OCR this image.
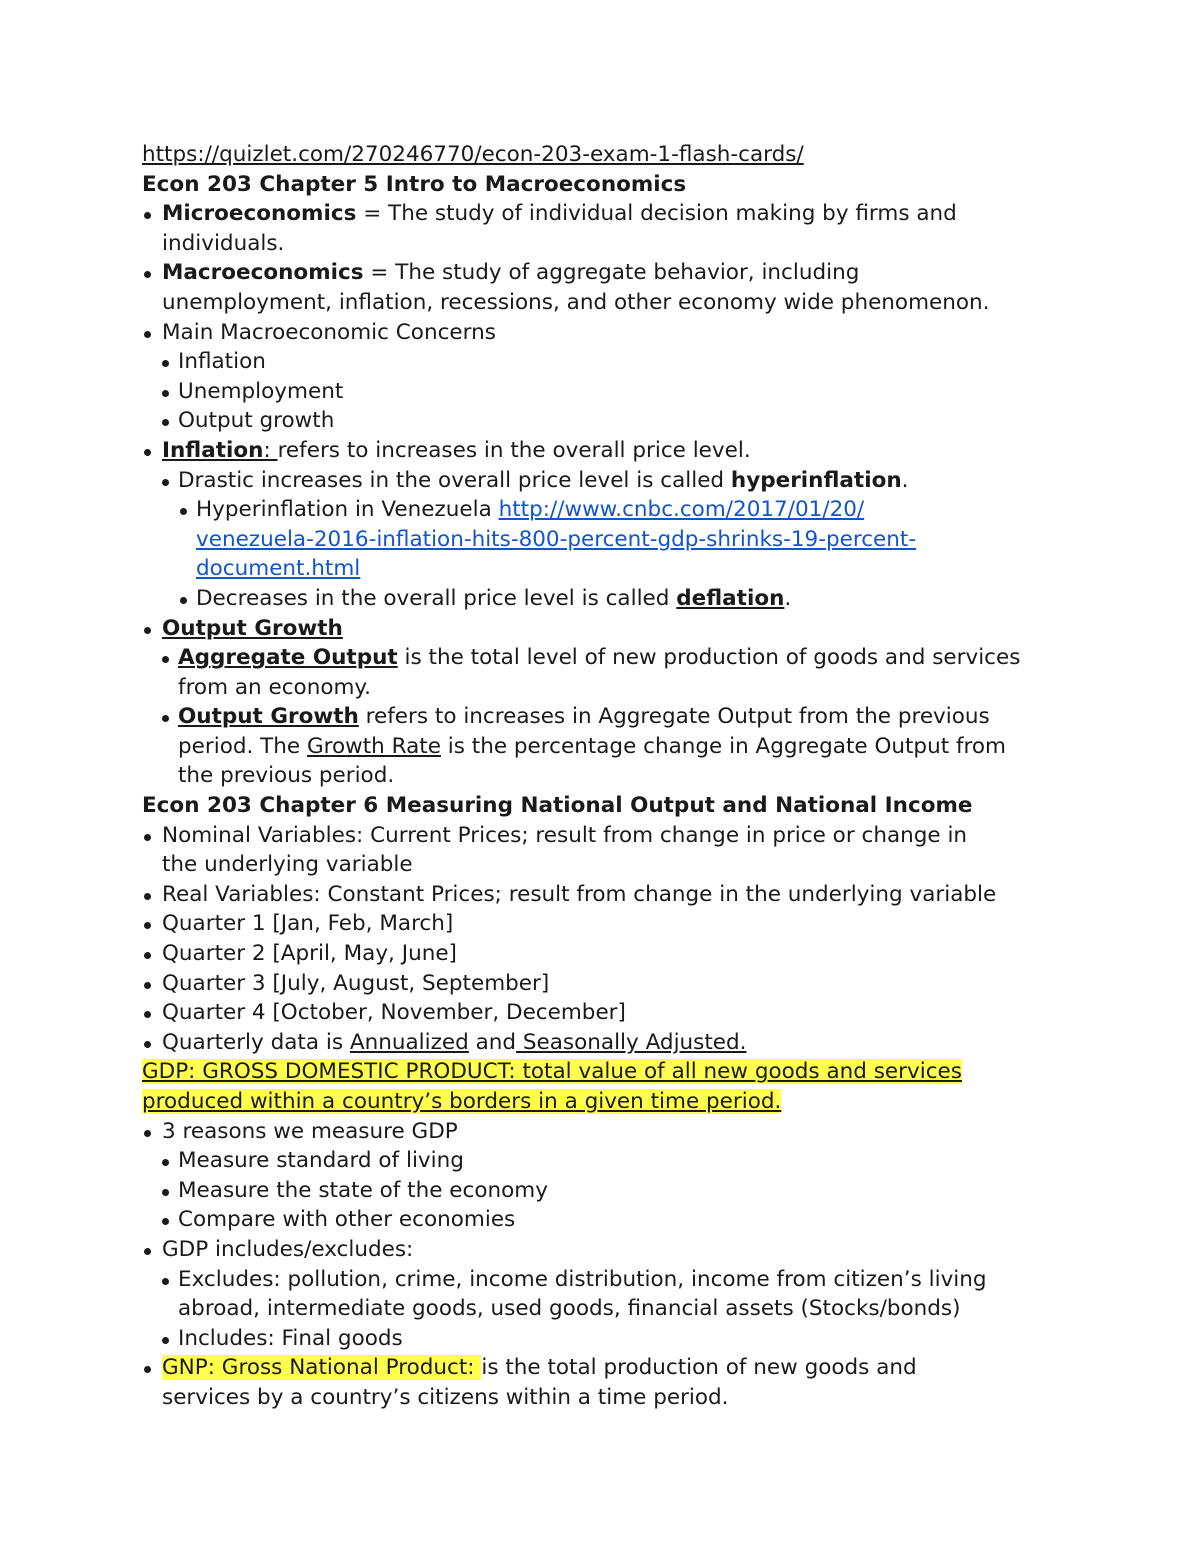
https://quizlet.com/270246770/econ-203-exam-1-flash-cards/
Econ 203 Chapter 5 Intro to Macroeconomics
Microeconomics = The study of individual decision making by firms and
individuals.
Macroeconomics = The study of aggregate behavior, including
unemployment, inflation, recessions, and other economy wide phenomenon.
Main Macroeconomic Concerns
Inflation
Unemployment
Output growth
Inflation: refers to increases in the overall price level.
Drastic increases in the overall price level is called hyperinflation.
Hyperinflation in Venezuela http://www.cnbc.com/2017/01/20/
venezuela-2016-inflation-hits-800-percent-gdp-shrinks-19-percent-
document.html
Decreases in the overall price level is called deflation.
Output Growth
Aggregate Output is the total level of new production of goods and services
from an economy.
Output Growth refers to increases in Aggregate Output from the previous
period. The Growth Rate is the percentage change in Aggregate Output from
the previous period.
Econ 203 Chapter 6 Measuring National Output and National Income
Nominal Variables: Current Prices; result from change in price or change in
the underlying variable
Real Variables: Constant Prices; result from change in the underlying variable
Quarter 1 [Jan, Feb, March]
Quarter 2 [April, May, June]
Quarter 3 [July, August, September]
Quarter 4 [October, November, December]
Quarterly data is Annualized and Seasonally Adjusted.
GDP: GROSS DOMESTIC PRODUCT: total value of all new goods and services
produced within a country’s borders in a given time period.
3 reasons we measure GDP
Measure standard of living
Measure the state of the economy
Compare with other economies
GDP includes/excludes:
Excludes: pollution, crime, income distribution, income from citizen’s living
abroad, intermediate goods, used goods, financial assets (Stocks/bonds)
Includes: Final goods
GNP: Gross National Product: is the total production of new goods and
services by a country’s citizens within a time period.
